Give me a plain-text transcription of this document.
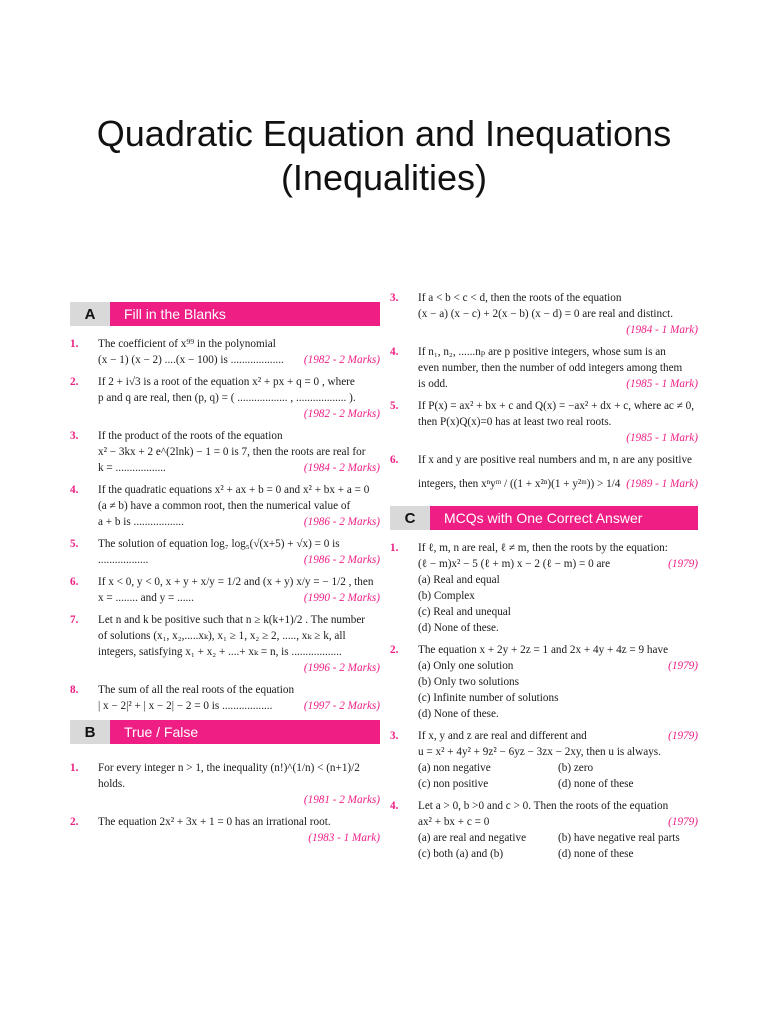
Quadratic Equation and Inequations
(Inequalities)
A	Fill in the Blanks
1.	The coefficient of x⁹⁹ in the polynomial
(x − 1) (x − 2) ....(x − 100) is ................... (1982 - 2 Marks)
2.	If 2 + i√3 is a root of the equation x² + px + q = 0 , where
p and q are real, then (p, q) = ( .................. , .................. ).
(1982 - 2 Marks)
3.	If the product of the roots of the equation
x² − 3kx + 2 e^(2lnk) − 1 = 0 is 7, then the roots are real for
k = ..................	(1984 - 2 Marks)
4.	If the quadratic equations x² + ax + b = 0 and x² + bx + a = 0
(a ≠ b) have a common root, then the numerical value of
a + b is ..................	(1986 - 2 Marks)
5.	The solution of equation log₇ log₅(√(x+5) + √x) = 0 is
..................	(1986 - 2 Marks)
6.	If x < 0, y < 0, x + y + x/y = 1/2 and (x + y) x/y = − 1/2 , then
x = ........ and y = ......	(1990 - 2 Marks)
7.	Let n and k be positive such that n ≥ k(k+1)/2 . The number
of solutions (x₁, x₂,.....xₖ), x₁ ≥ 1, x₂ ≥ 2, ....., xₖ ≥ k, all
integers, satisfying x₁ + x₂ + ....+ xₖ = n, is ..................
(1996 - 2 Marks)
8.	The sum of all the real roots of the equation
| x − 2|² + | x − 2| − 2 = 0 is ..................	(1997 - 2 Marks)
B	True / False
1.	For every integer n > 1, the inequality (n!)^(1/n) < (n+1)/2 holds.
(1981 - 2 Marks)
2.	The equation 2x² + 3x + 1 = 0 has an irrational root.
(1983 - 1 Mark)
3.	If a < b < c < d, then the roots of the equation
(x − a) (x − c) + 2(x − b) (x − d) = 0 are real and distinct.
(1984 - 1 Mark)
4.	If n₁, n₂, ......nₚ are p positive integers, whose sum is an
even number, then the number of odd integers among them
is odd.	(1985 - 1 Mark)
5.	If P(x) = ax² + bx + c and Q(x) = −ax² + dx + c, where ac ≠ 0,
then P(x)Q(x)=0 has at least two real roots.
(1985 - 1 Mark)
6.	If x and y are positive real numbers and m, n are any positive
integers, then xⁿyᵐ / ((1 + x²ⁿ)(1 + y²ᵐ)) > 1/4 (1989 - 1 Mark)
C	MCQs with One Correct Answer
1.	If ℓ, m, n are real, ℓ ≠ m, then the roots by the equation:
(ℓ − m)x² − 5 (ℓ + m) x − 2 (ℓ − m) = 0 are	(1979)
(a) Real and equal
(b) Complex
(c) Real and unequal
(d) None of these.
2.	The equation x + 2y + 2z = 1 and 2x + 4y + 4z = 9 have
(a) Only one solution	(1979)
(b) Only two solutions
(c) Infinite number of solutions
(d) None of these.
3.	If x, y and z are real and different and	(1979)
u = x² + 4y² + 9z² − 6yz − 3zx − 2xy, then u is always.
(a) non negative	(b) zero
(c) non positive	(d) none of these
4.	Let a > 0, b >0 and c > 0. Then the roots of the equation
ax² + bx + c = 0	(1979)
(a) are real and negative	(b) have negative real parts
(c) both (a) and (b)	(d) none of these
